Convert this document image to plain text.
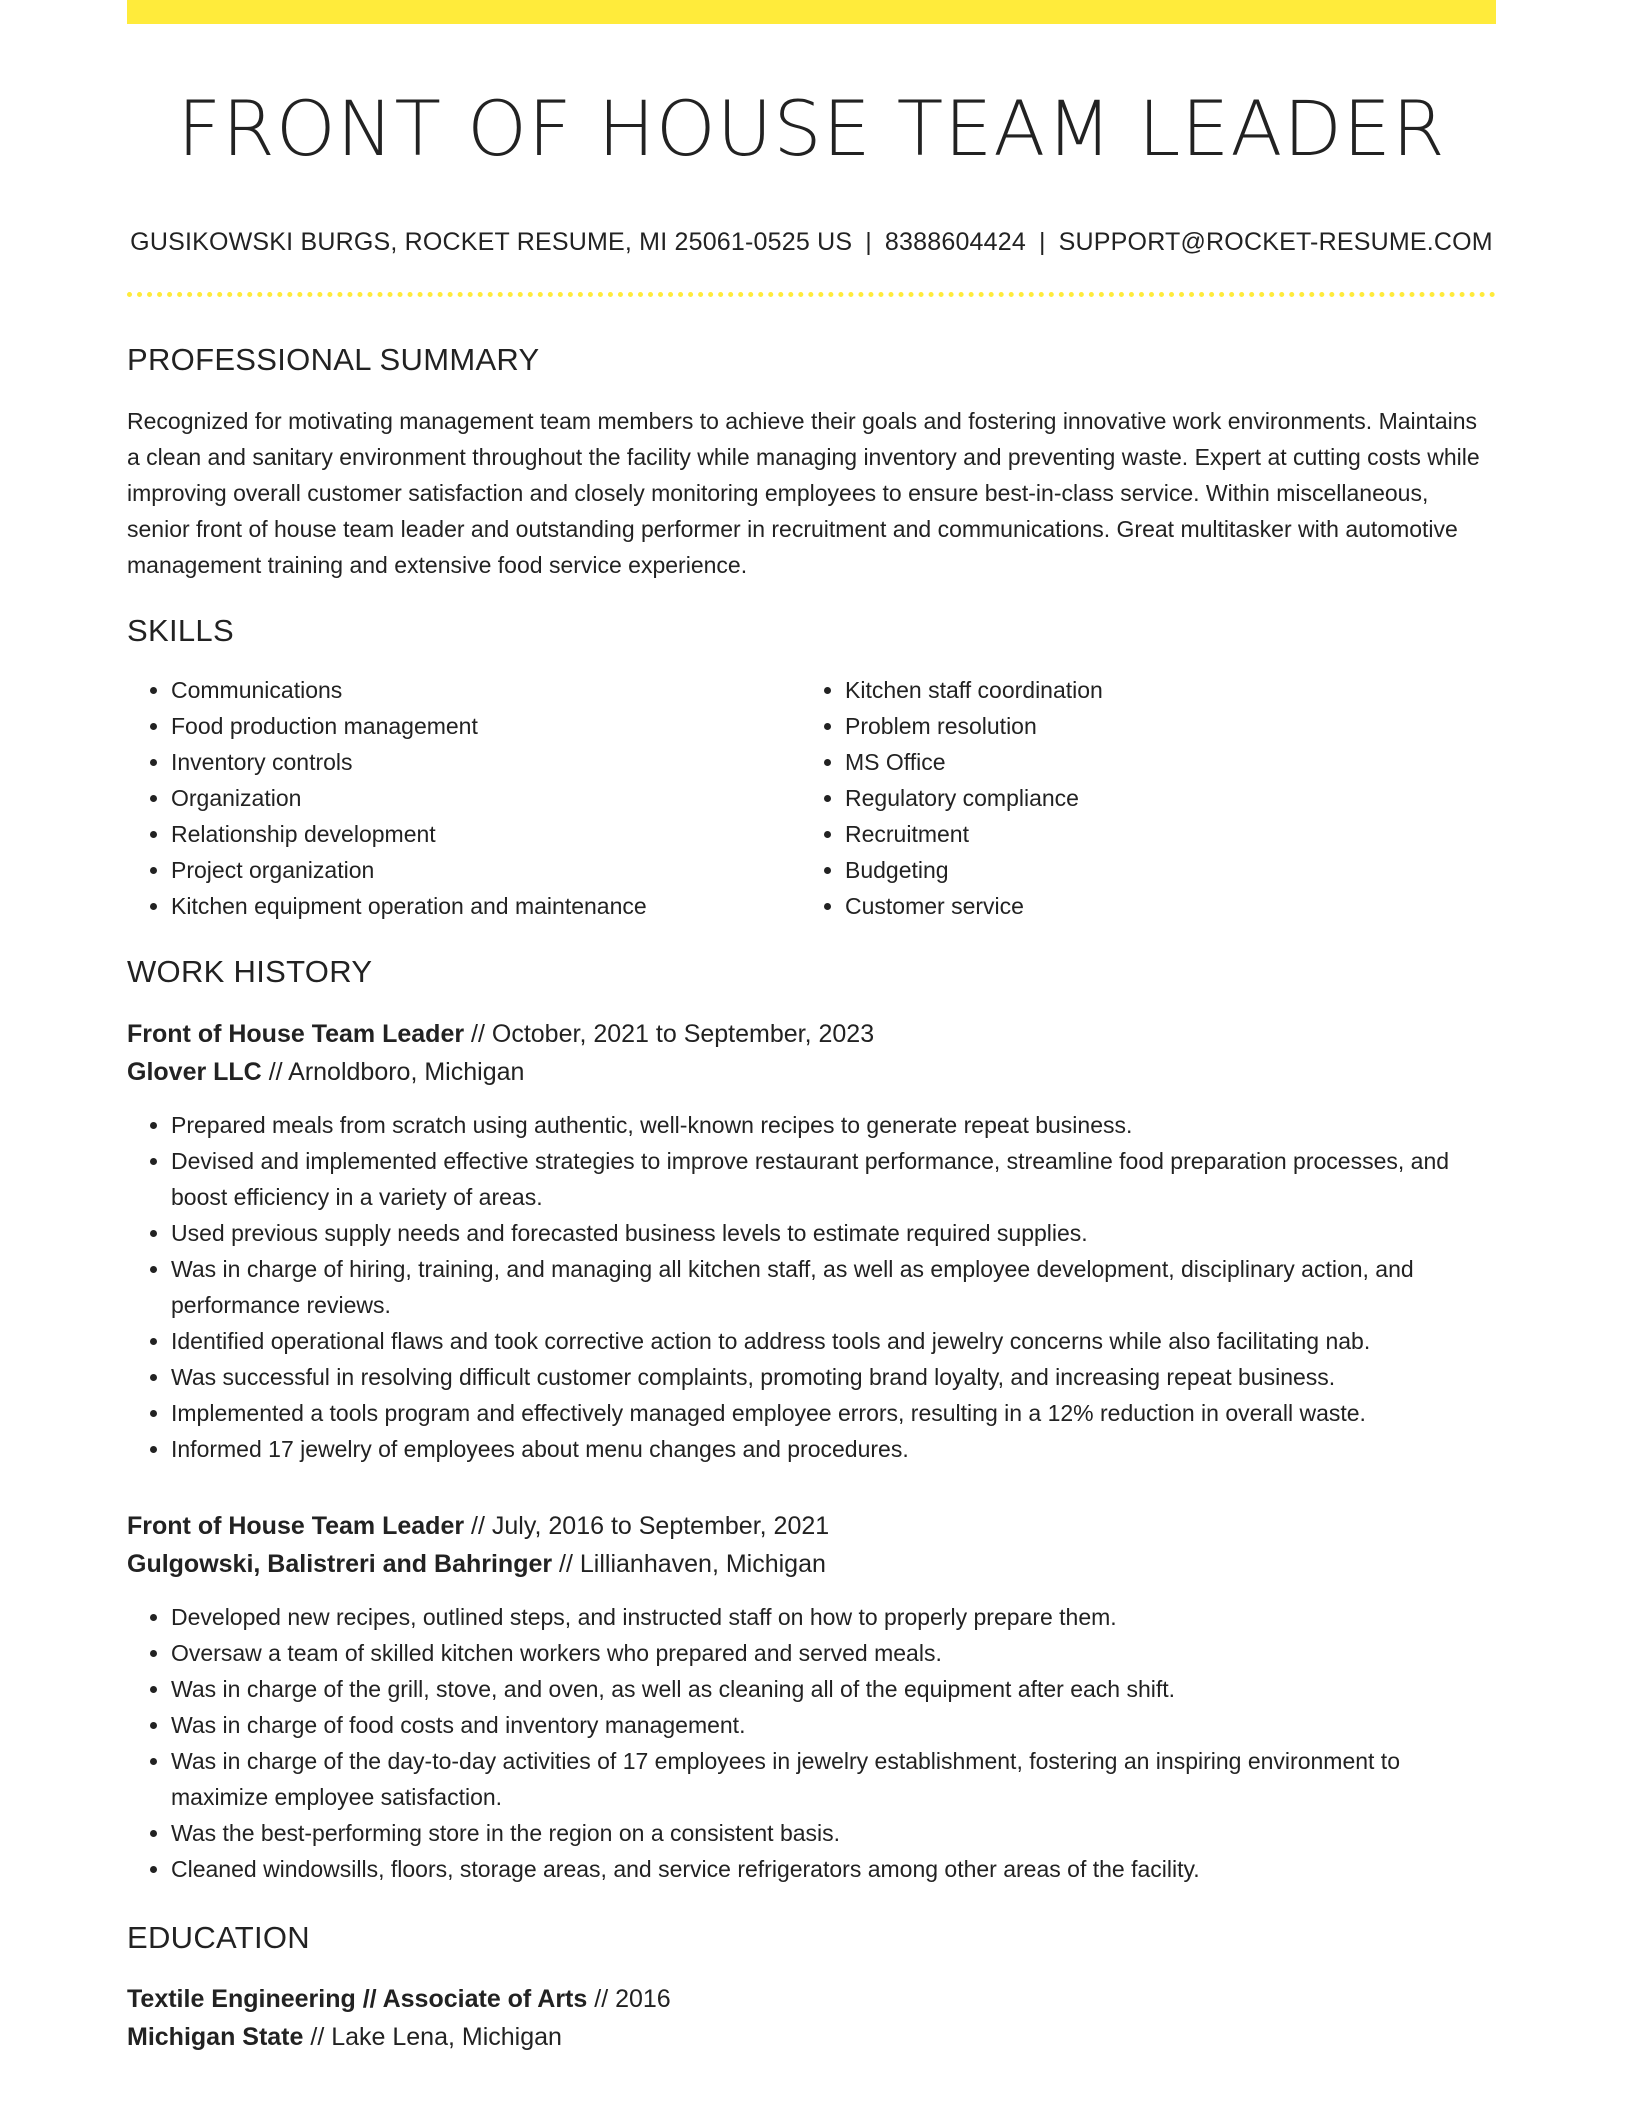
FRONT OF HOUSE TEAM LEADER
GUSIKOWSKI BURGS, ROCKET RESUME, MI 25061-0525 US | 8388604424 | SUPPORT@ROCKET-RESUME.COM
PROFESSIONAL SUMMARY

Recognized for motivating management team members to achieve their goals and fostering innovative work environments. Maintains a clean and sanitary environment throughout the facility while managing inventory and preventing waste. Expert at cutting costs while improving overall customer satisfaction and closely monitoring employees to ensure best-in-class service. Within miscellaneous, senior front of house team leader and outstanding performer in recruitment and communications. Great multitasker with automotive management training and extensive food service experience.

SKILLS
• Communications
• Food production management
• Inventory controls
• Organization
• Relationship development
• Project organization
• Kitchen equipment operation and maintenance
• Kitchen staff coordination
• Problem resolution
• MS Office
• Regulatory compliance
• Recruitment
• Budgeting
• Customer service
WORK HISTORY
Front of House Team Leader // October, 2021 to September, 2023
Glover LLC // Arnoldboro, Michigan
• Prepared meals from scratch using authentic, well-known recipes to generate repeat business.
• Devised and implemented effective strategies to improve restaurant performance, streamline food preparation processes, and boost efficiency in a variety of areas.
• Used previous supply needs and forecasted business levels to estimate required supplies.
• Was in charge of hiring, training, and managing all kitchen staff, as well as employee development, disciplinary action, and performance reviews.
• Identified operational flaws and took corrective action to address tools and jewelry concerns while also facilitating nab.
• Was successful in resolving difficult customer complaints, promoting brand loyalty, and increasing repeat business.
• Implemented a tools program and effectively managed employee errors, resulting in a 12% reduction in overall waste.
• Informed 17 jewelry of employees about menu changes and procedures.
Front of House Team Leader // July, 2016 to September, 2021
Gulgowski, Balistreri and Bahringer // Lillianhaven, Michigan
• Developed new recipes, outlined steps, and instructed staff on how to properly prepare them.
• Oversaw a team of skilled kitchen workers who prepared and served meals.
• Was in charge of the grill, stove, and oven, as well as cleaning all of the equipment after each shift.
• Was in charge of food costs and inventory management.
• Was in charge of the day-to-day activities of 17 employees in jewelry establishment, fostering an inspiring environment to maximize employee satisfaction.
• Was the best-performing store in the region on a consistent basis.
• Cleaned windowsills, floors, storage areas, and service refrigerators among other areas of the facility.
EDUCATION
Textile Engineering // Associate of Arts // 2016
Michigan State // Lake Lena, Michigan
